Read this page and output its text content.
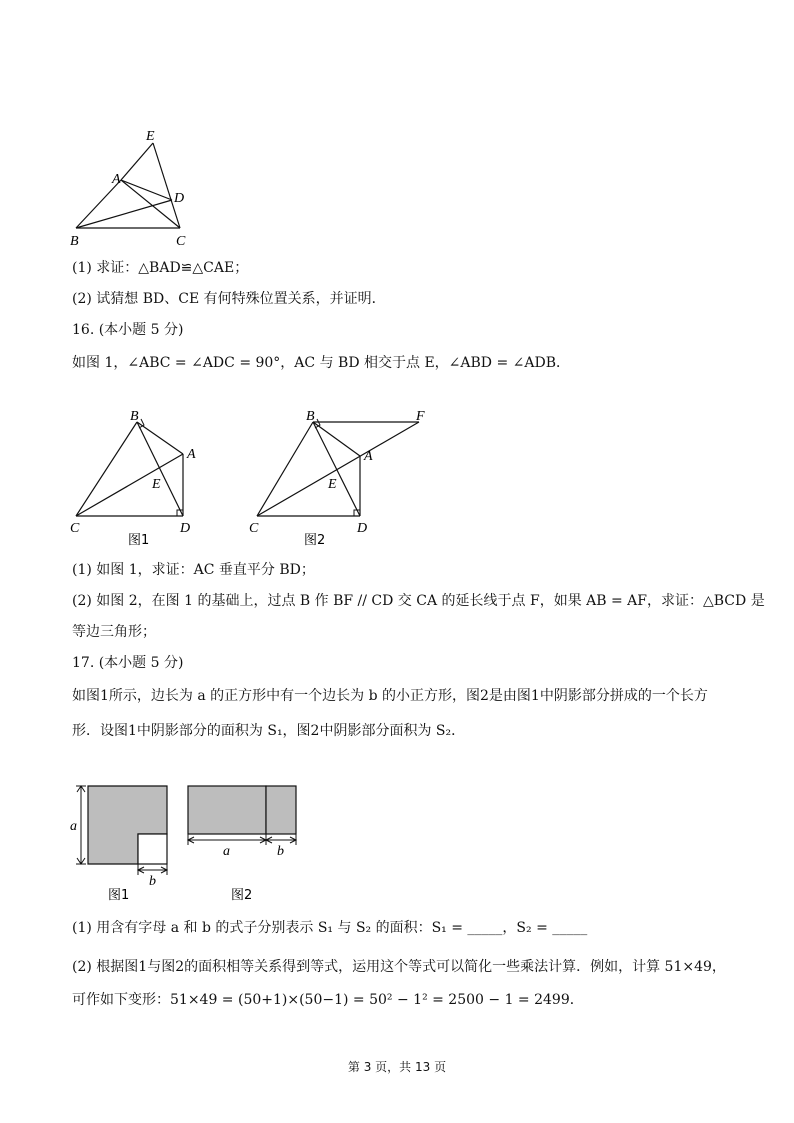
E
A
D
B	C
(1) 求证：△BAD≌△CAE；
(2) 试猜想 BD、CE 有何特殊位置关系，并证明．
16. (本小题 5 分)
如图 1，∠ABC = ∠ADC = 90°，AC 与 BD 相交于点 E，∠ABD = ∠ADB．
B
A
E
C	D
图1
B	F
A
E
C	D
图2
(1) 如图 1，求证：AC 垂直平分 BD；
(2) 如图 2，在图 1 的基础上，过点 B 作 BF // CD 交 CA 的延长线于点 F，如果 AB = AF，求证：△BCD 是
等边三角形；
17. (本小题 5 分)
如图1所示，边长为 a 的正方形中有一个边长为 b 的小正方形，图2是由图1中阴影部分拼成的一个长方
形．设图1中阴影部分的面积为 S₁，图2中阴影部分面积为 S₂．
a
b
图1
a	b
图2
(1) 用含有字母 a 和 b 的式子分别表示 S₁ 与 S₂ 的面积：S₁ = _____，S₂ = _____
(2) 根据图1与图2的面积相等关系得到等式，运用这个等式可以简化一些乘法计算．例如，计算 51×49，
可作如下变形：51×49 = (50+1)×(50−1) = 50² − 1² = 2500 − 1 = 2499．
第 3 页，共 13 页
